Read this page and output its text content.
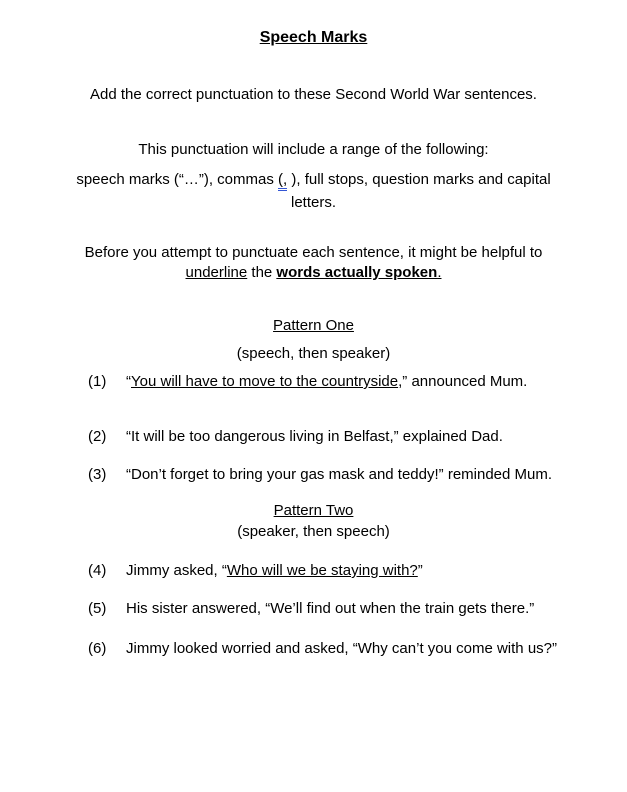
Speech Marks

Add the correct punctuation to these Second World War sentences.

This punctuation will include a range of the following:

speech marks (“…”), commas (, ), full stops, question marks and capital letters.

Before you attempt to punctuate each sentence, it might be helpful to underline the words actually spoken.

Pattern One

(speech, then speaker)

(1)	“You will have to move to the countryside,” announced Mum.
(2)	“It will be too dangerous living in Belfast,” explained Dad.
(3)	“Don’t forget to bring your gas mask and teddy!” reminded Mum.
Pattern Two

(speaker, then speech)

(4)	Jimmy asked, “Who will we be staying with?”
(5)	His sister answered, “We’ll find out when the train gets there.”
(6)	Jimmy looked worried and asked, “Why can’t you come with us?”
